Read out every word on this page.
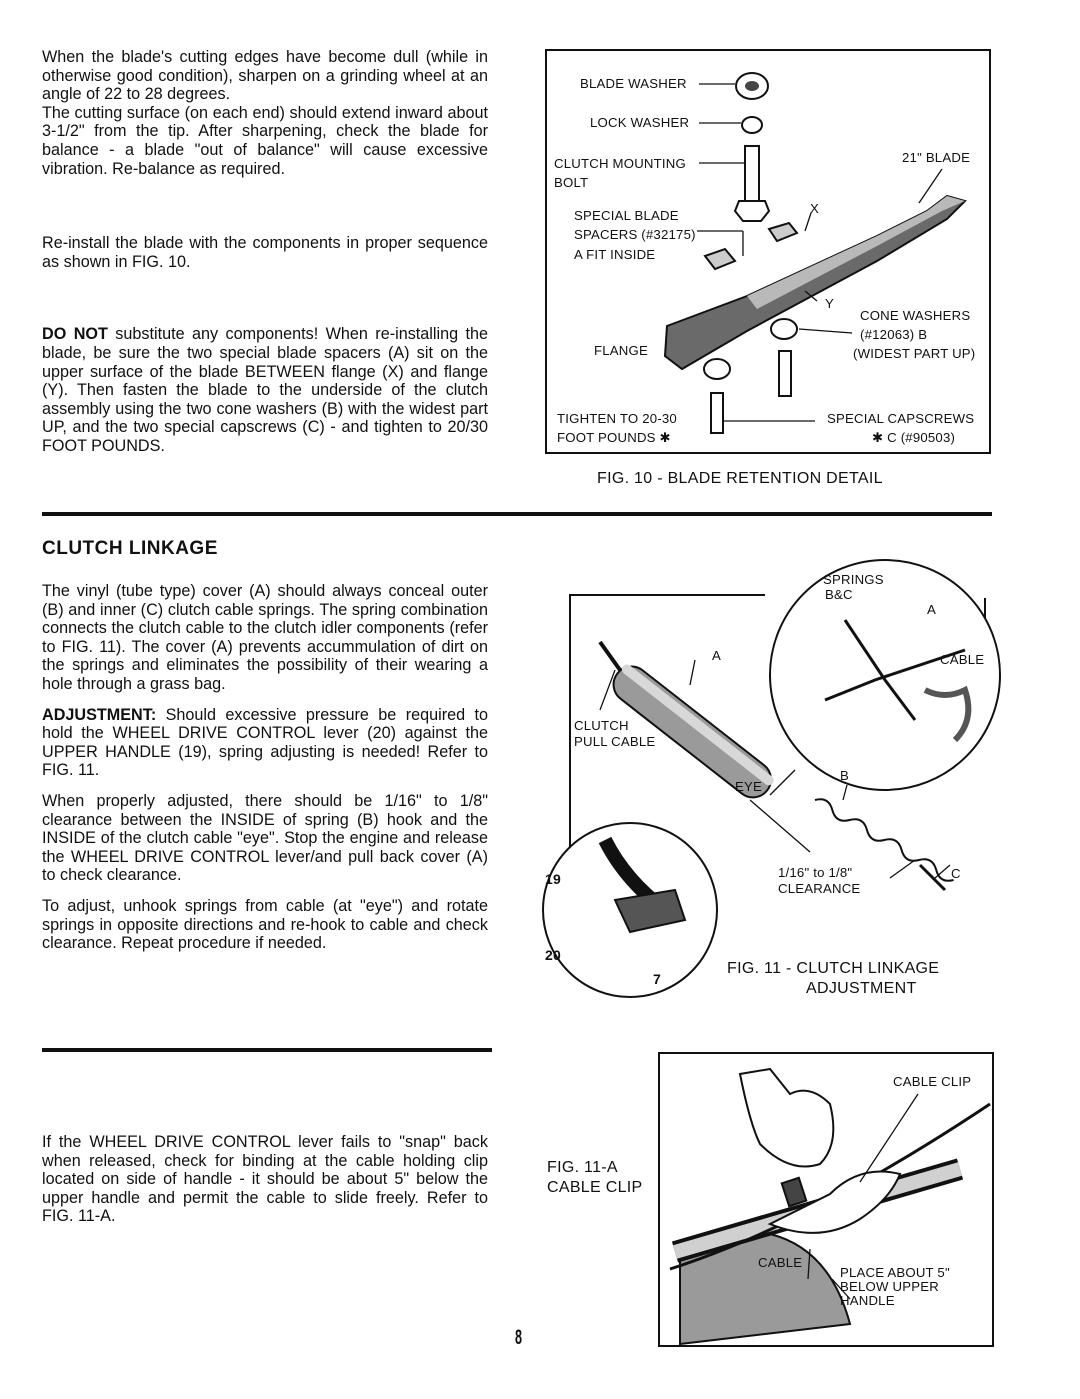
When the blade's cutting edges have become dull (while in otherwise good condition), sharpen on a grinding wheel at an angle of 22 to 28 degrees.

The cutting surface (on each end) should extend inward about 3-1/2" from the tip. After sharpening, check the blade for balance - a blade "out of balance" will cause excessive vibration. Re-balance as required.

Re-install the blade with the components in proper sequence as shown in FIG. 10.

DO NOT substitute any components! When re-installing the blade, be sure the two special blade spacers (A) sit on the upper surface of the blade BETWEEN flange (X) and flange (Y). Then fasten the blade to the underside of the clutch assembly using the two cone washers (B) with the widest part UP, and the two special capscrews (C) - and tighten to 20/30 FOOT POUNDS.

BLADE WASHER
LOCK WASHER
CLUTCH MOUNTING
BOLT
21" BLADE
SPECIAL BLADE
SPACERS (#32175)
A FIT INSIDE
X
Y
CONE WASHERS
(#12063) B
(WIDEST PART UP)
FLANGE
TIGHTEN TO 20-30
FOOT POUNDS ✱
SPECIAL CAPSCREWS
✱ C (#90503)
FIG. 10 - BLADE RETENTION DETAIL
CLUTCH LINKAGE

The vinyl (tube type) cover (A) should always conceal outer (B) and inner (C) clutch cable springs. The spring combination connects the clutch cable to the clutch idler components (refer to FIG. 11). The cover (A) prevents accummulation of dirt on the springs and eliminates the possibility of their wearing a hole through a grass bag.

ADJUSTMENT: Should excessive pressure be required to hold the WHEEL DRIVE CONTROL lever (20) against the UPPER HANDLE (19), spring adjusting is needed! Refer to FIG. 11.

When properly adjusted, there should be 1/16" to 1/8" clearance between the INSIDE of spring (B) hook and the INSIDE of the clutch cable "eye". Stop the engine and release the WHEEL DRIVE CONTROL lever/and pull back cover (A) to check clearance.

To adjust, unhook springs from cable (at "eye") and rotate springs in opposite directions and re-hook to cable and check clearance. Repeat procedure if needed.

SPRINGS
B&C
A
CABLE
A
CLUTCH
PULL CABLE
EYE
B
1/16" to 1/8"
CLEARANCE
C
19
20
7
FIG. 11 - CLUTCH LINKAGE
ADJUSTMENT

If the WHEEL DRIVE CONTROL lever fails to "snap" back when released, check for binding at the cable holding clip located on side of handle - it should be about 5" below the upper handle and permit the cable to slide freely. Refer to FIG. 11-A.

FIG. 11-A
CABLE CLIP
CABLE CLIP
CABLE
PLACE ABOUT 5"
BELOW UPPER
HANDLE
8
